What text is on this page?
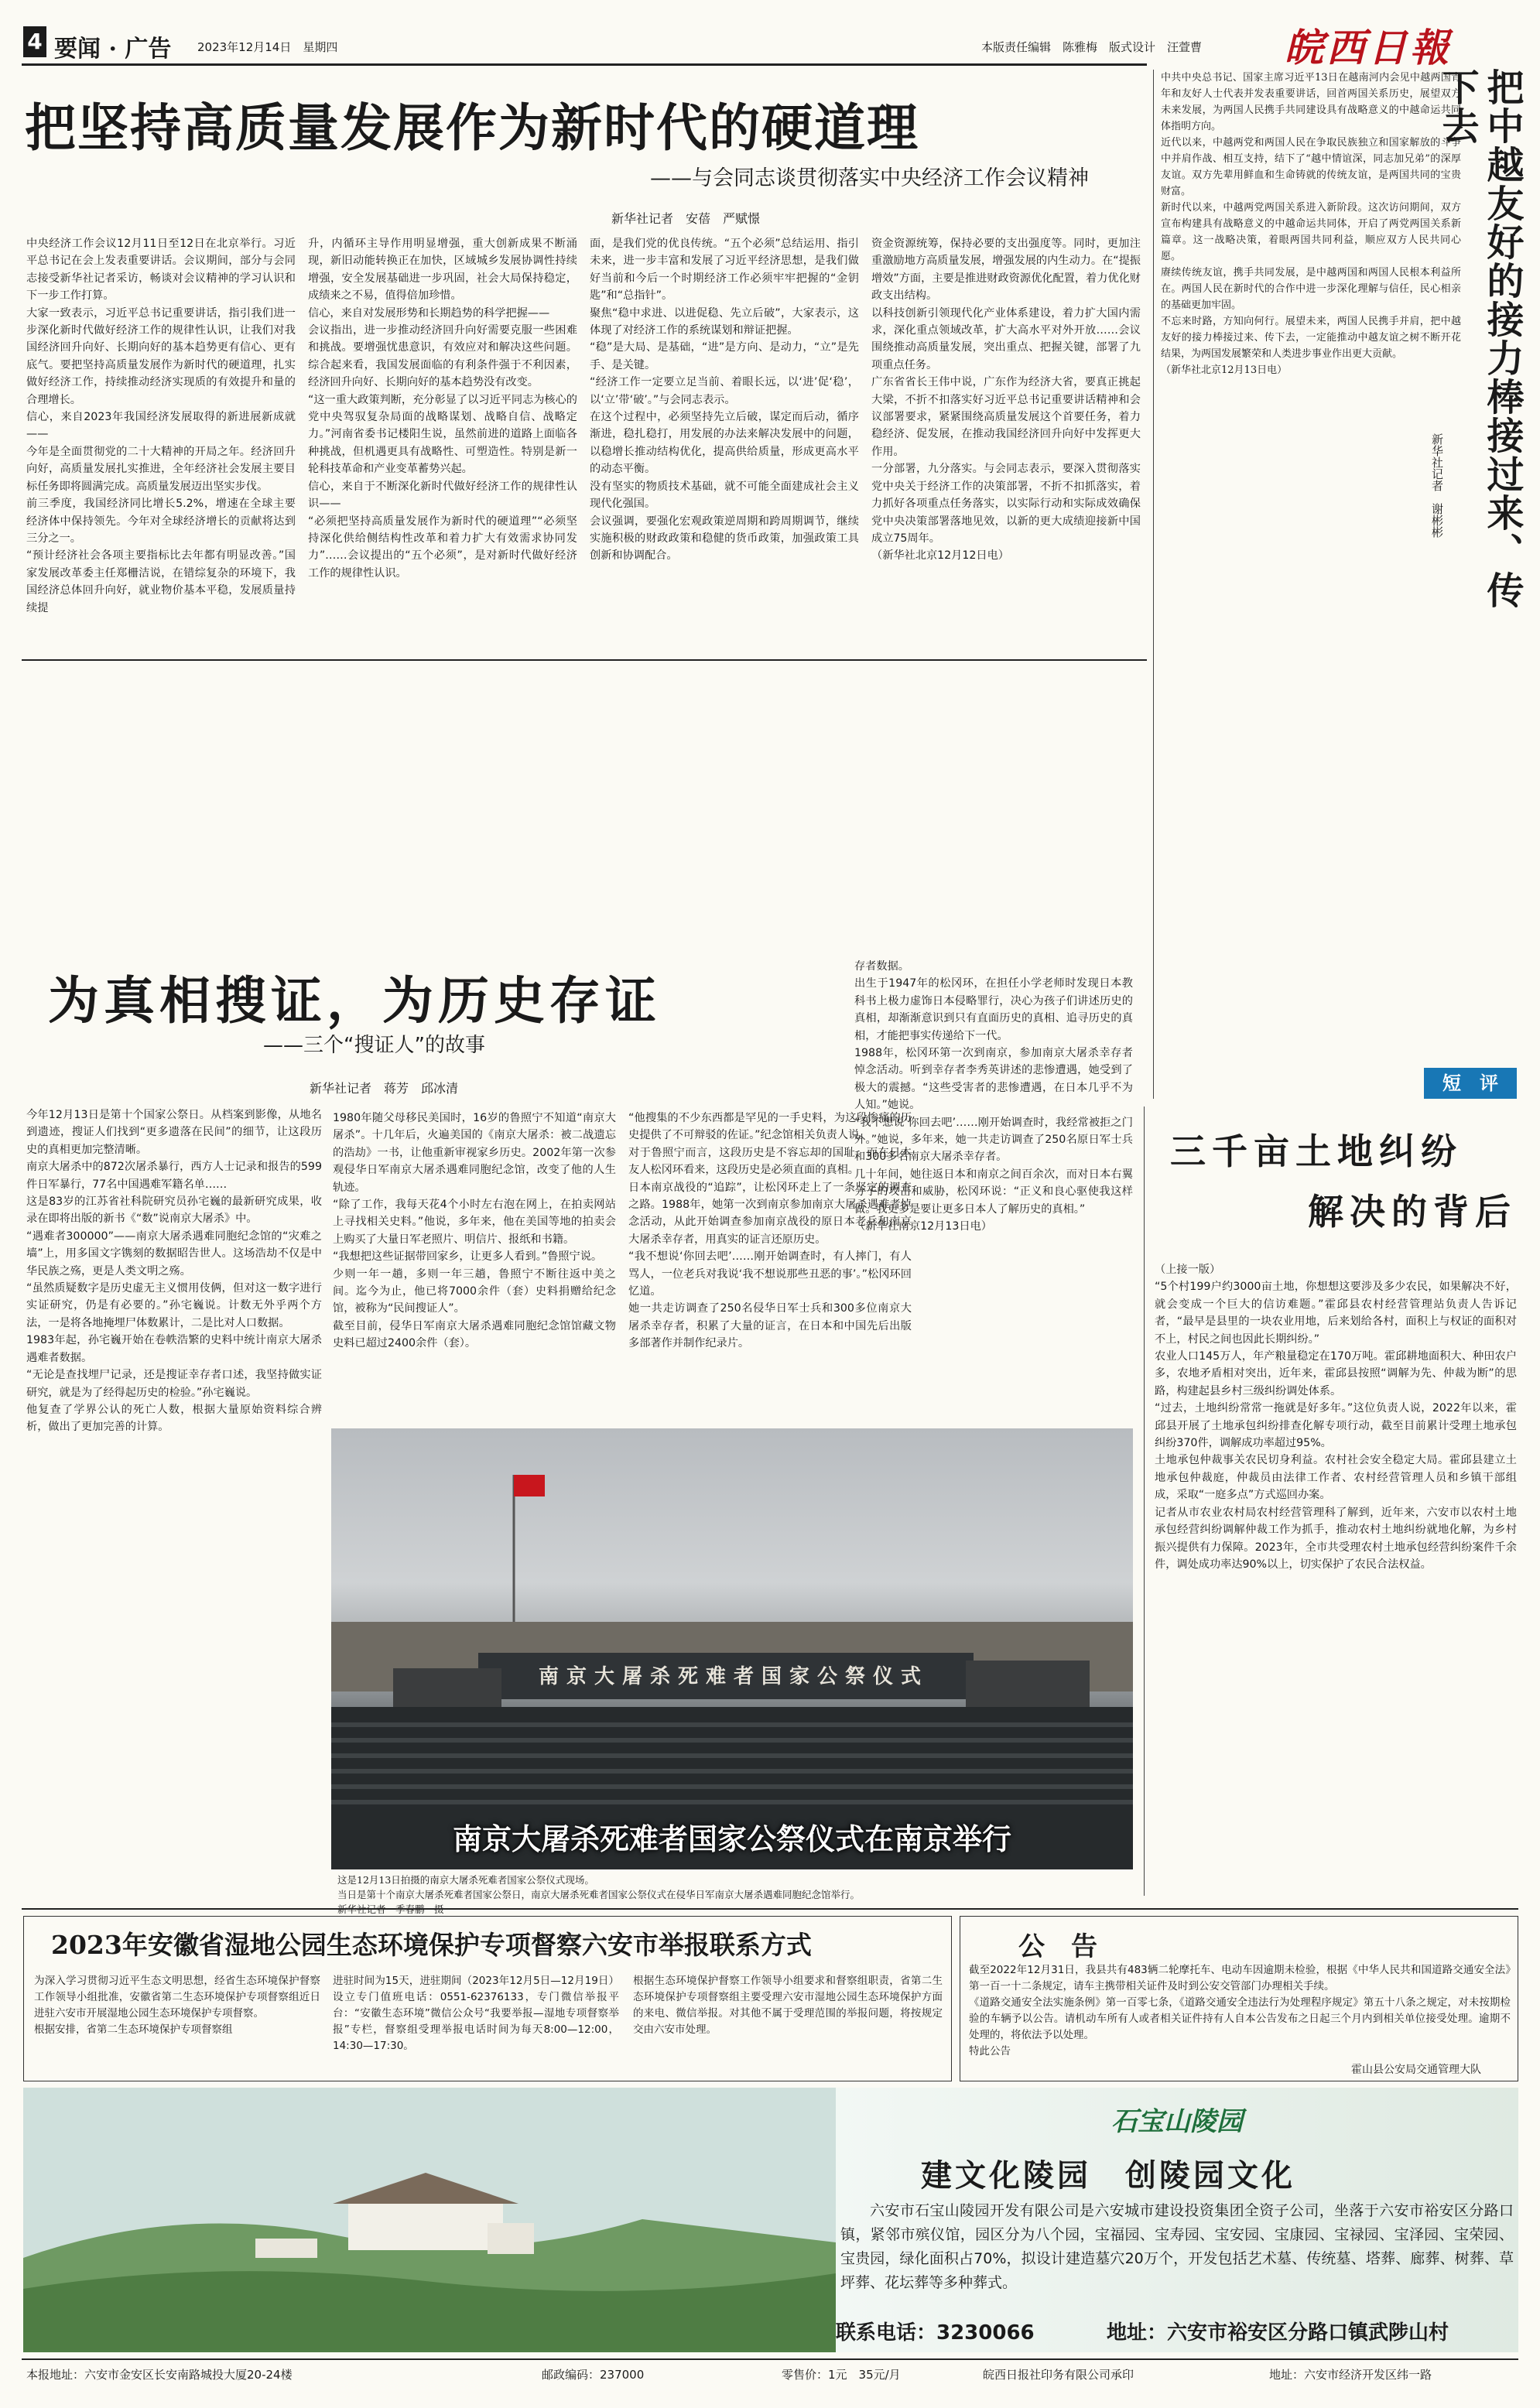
4 要闻 · 广告 2023年12月14日　星期四	本版责任编辑　陈雅梅　版式设计　汪萱曹 皖西日報
把坚持高质量发展作为新时代的硬道理
——与会同志谈贯彻落实中央经济工作会议精神
新华社记者　安蓓　严赋憬
中央经济工作会议12月11日至12日在北京举行。习近平总书记在会上发表重要讲话。会议期间，部分与会同志接受新华社记者采访，畅谈对会议精神的学习认识和下一步工作打算。
大家一致表示，习近平总书记重要讲话，指引我们进一步深化新时代做好经济工作的规律性认识，让我们对我国经济回升向好、长期向好的基本趋势更有信心、更有底气。要把坚持高质量发展作为新时代的硬道理，扎实做好经济工作，持续推动经济实现质的有效提升和量的合理增长。
信心，来自2023年我国经济发展取得的新进展新成就——
今年是全面贯彻党的二十大精神的开局之年。经济回升向好，高质量发展扎实推进，全年经济社会发展主要目标任务即将圆满完成。高质量发展迈出坚实步伐。
前三季度，我国经济同比增长5.2%，增速在全球主要经济体中保持领先。今年对全球经济增长的贡献将达到三分之一。
“预计经济社会各项主要指标比去年都有明显改善。”国家发展改革委主任郑栅洁说，在错综复杂的环境下，我国经济总体回升向好，就业物价基本平稳，发展质量持续提
升，内循环主导作用明显增强，重大创新成果不断涌现，新旧动能转换正在加快，区域城乡发展协调性持续增强，安全发展基础进一步巩固，社会大局保持稳定，成绩来之不易，值得倍加珍惜。
信心，来自对发展形势和长期趋势的科学把握——
会议指出，进一步推动经济回升向好需要克服一些困难和挑战。要增强忧患意识，有效应对和解决这些问题。综合起来看，我国发展面临的有利条件强于不利因素，经济回升向好、长期向好的基本趋势没有改变。
“这一重大政策判断，充分彰显了以习近平同志为核心的党中央驾驭复杂局面的战略谋划、战略自信、战略定力。”河南省委书记楼阳生说，虽然前进的道路上面临各种挑战，但机遇更具有战略性、可塑造性。特别是新一轮科技革命和产业变革蓄势兴起。
信心，来自于不断深化新时代做好经济工作的规律性认识——
“必须把坚持高质量发展作为新时代的硬道理”“必须坚持深化供给侧结构性改革和着力扩大有效需求协同发力”……会议提出的“五个必须”，是对新时代做好经济工作的规律性认识。
面，是我们党的优良传统。“五个必须”总结运用、指引未来，进一步丰富和发展了习近平经济思想，是我们做好当前和今后一个时期经济工作必须牢牢把握的“金钥匙”和“总指针”。
聚焦“稳中求进、以进促稳、先立后破”，大家表示，这体现了对经济工作的系统谋划和辩证把握。
“稳”是大局、是基础，“进”是方向、是动力，“立”是先手、是关键。
“经济工作一定要立足当前、着眼长远，以‘进’促‘稳’，以‘立’带‘破’。”与会同志表示。
在这个过程中，必须坚持先立后破，谋定而后动，循序渐进，稳扎稳打，用发展的办法来解决发展中的问题，以稳增长推动结构优化，提高供给质量，形成更高水平的动态平衡。
没有坚实的物质技术基础，就不可能全面建成社会主义现代化强国。
会议强调，要强化宏观政策逆周期和跨周期调节，继续实施积极的财政政策和稳健的货币政策，加强政策工具创新和协调配合。
资金资源统筹，保持必要的支出强度等。同时，更加注重激励地方高质量发展，增强发展的内生动力。在“提振增效”方面，主要是推进财政资源优化配置，着力优化财政支出结构。
以科技创新引领现代化产业体系建设，着力扩大国内需求，深化重点领域改革，扩大高水平对外开放……会议围绕推动高质量发展，突出重点、把握关键，部署了九项重点任务。
广东省省长王伟中说，广东作为经济大省，要真正挑起大梁，不折不扣落实好习近平总书记重要讲话精神和会议部署要求，紧紧围绕高质量发展这个首要任务，着力稳经济、促发展，在推动我国经济回升向好中发挥更大作用。
一分部署，九分落实。与会同志表示，要深入贯彻落实党中央关于经济工作的决策部署，不折不扣抓落实，着力抓好各项重点任务落实，以实际行动和实际成效确保党中央决策部署落地见效，以新的更大成绩迎接新中国成立75周年。
（新华社北京12月12日电）
中共中央总书记、国家主席习近平13日在越南河内会见中越两国青年和友好人士代表并发表重要讲话，回首两国关系历史，展望双方未来发展，为两国人民携手共同建设具有战略意义的中越命运共同体指明方向。
近代以来，中越两党和两国人民在争取民族独立和国家解放的斗争中并肩作战、相互支持，结下了“越中情谊深，同志加兄弟”的深厚友谊。双方先辈用鲜血和生命铸就的传统友谊，是两国共同的宝贵财富。
新时代以来，中越两党两国关系进入新阶段。这次访问期间，双方宣布构建具有战略意义的中越命运共同体，开启了两党两国关系新篇章。这一战略决策，着眼两国共同利益，顺应双方人民共同心愿。
赓续传统友谊，携手共同发展，是中越两国和两国人民根本利益所在。两国人民在新时代的合作中进一步深化理解与信任，民心相亲的基础更加牢固。
不忘来时路，方知向何行。展望未来，两国人民携手并肩，把中越友好的接力棒接过来、传下去，一定能推动中越友谊之树不断开花结果，为两国发展繁荣和人类进步事业作出更大贡献。
（新华社北京12月13日电）	把中越友好的接力棒接过来、传下去
新华社记者　谢彬彬
短　评
为真相搜证，为历史存证
——三个“搜证人”的故事
新华社记者　蒋芳　邱冰清
今年12月13日是第十个国家公祭日。从档案到影像，从地名到遗迹，搜证人们找到“更多遗落在民间”的细节，让这段历史的真相更加完整清晰。
南京大屠杀中的872次屠杀暴行，西方人士记录和报告的599件日军暴行，77名中国遇难军籍名单……
这是83岁的江苏省社科院研究员孙宅巍的最新研究成果，收录在即将出版的新书《“数”说南京大屠杀》中。
“遇难者300000”——南京大屠杀遇难同胞纪念馆的“灾难之墙”上，用多国文字镌刻的数据昭告世人。这场浩劫不仅是中华民族之殇，更是人类文明之殇。
“虽然质疑数字是历史虚无主义惯用伎俩，但对这一数字进行实证研究，仍是有必要的。”孙宅巍说。计数无外乎两个方法，一是将各地掩埋尸体数累计，二是比对人口数据。
1983年起，孙宅巍开始在卷帙浩繁的史料中统计南京大屠杀遇难者数据。
“无论是查找埋尸记录，还是搜证幸存者口述，我坚持做实证研究，就是为了经得起历史的检验。”孙宅巍说。
他复查了学界公认的死亡人数，根据大量原始资料综合辨析，做出了更加完善的计算。
1980年随父母移民美国时，16岁的鲁照宁不知道“南京大屠杀”。十几年后，火遍美国的《南京大屠杀：被二战遗忘的浩劫》一书，让他重新审视家乡历史。2002年第一次参观侵华日军南京大屠杀遇难同胞纪念馆，改变了他的人生轨迹。
“除了工作，我每天花4个小时左右泡在网上，在拍卖网站上寻找相关史料。”他说，多年来，他在美国等地的拍卖会上购买了大量日军老照片、明信片、报纸和书籍。
“我想把这些证据带回家乡，让更多人看到。”鲁照宁说。
少则一年一趟，多则一年三趟，鲁照宁不断往返中美之间。迄今为止，他已将7000余件（套）史料捐赠给纪念馆，被称为“民间搜证人”。
截至目前，侵华日军南京大屠杀遇难同胞纪念馆馆藏文物史料已超过2400余件（套）。
“他搜集的不少东西都是罕见的一手史料，为这段惨痛的历史提供了不可辩驳的佐证。”纪念馆相关负责人说。
对于鲁照宁而言，这段历史是不容忘却的国耻，而在日本友人松冈环看来，这段历史是必须直面的真相。
日本南京战役的“追踪”，让松冈环走上了一条坚定的调查之路。1988年，她第一次到南京参加南京大屠杀遇难者悼念活动，从此开始调查参加南京战役的原日本老兵和南京大屠杀幸存者，用真实的证言还原历史。
“我不想说‘你回去吧’……刚开始调查时，有人摔门，有人骂人，一位老兵对我说‘我不想说那些丑恶的事’。”松冈环回忆道。
她一共走访调查了250名侵华日军士兵和300多位南京大屠杀幸存者，积累了大量的证言，在日本和中国先后出版多部著作并制作纪录片。
存者数据。
出生于1947年的松冈环，在担任小学老师时发现日本教科书上极力虚饰日本侵略罪行，决心为孩子们讲述历史的真相，却渐渐意识到只有直面历史的真相、追寻历史的真相，才能把事实传递给下一代。
1988年，松冈环第一次到南京，参加南京大屠杀幸存者悼念活动。听到幸存者李秀英讲述的悲惨遭遇，她受到了极大的震撼。“这些受害者的悲惨遭遇，在日本几乎不为人知。”她说。
“我不想说‘你回去吧’……刚开始调查时，我经常被拒之门外。”她说，多年来，她一共走访调查了250名原日军士兵和300多名南京大屠杀幸存者。
几十年间，她往返日本和南京之间百余次，而对日本右翼分子的攻击和威胁，松冈环说：“正义和良心驱使我这样做。我更多是要让更多日本人了解历史的真相。”
（新华社南京12月13日电）
南京大屠杀死难者国家公祭仪式
南京大屠杀死难者国家公祭仪式在南京举行
这是12月13日拍摄的南京大屠杀死难者国家公祭仪式现场。
当日是第十个南京大屠杀死难者国家公祭日，南京大屠杀死难者国家公祭仪式在侵华日军南京大屠杀遇难同胞纪念馆举行。
新华社记者　季春鹏　摄
三千亩土地纠纷
解决的背后
（上接一版）
“5个村199户约3000亩土地，你想想这要涉及多少农民，如果解决不好，就会变成一个巨大的信访难题。”霍邱县农村经营管理站负责人告诉记者，“最早是县里的一块农业用地，后来划给各村，面积上与权证的面积对不上，村民之间也因此长期纠纷。”
农业人口145万人，年产粮量稳定在170万吨。霍邱耕地面积大、种田农户多，农地矛盾相对突出，近年来，霍邱县按照“调解为先、仲裁为断”的思路，构建起县乡村三级纠纷调处体系。
“过去，土地纠纷常常一拖就是好多年。”这位负责人说，2022年以来，霍邱县开展了土地承包纠纷排查化解专项行动，截至目前累计受理土地承包纠纷370件，调解成功率超过95%。
土地承包仲裁事关农民切身利益。农村社会安全稳定大局。霍邱县建立土地承包仲裁庭，仲裁员由法律工作者、农村经营管理人员和乡镇干部组成，采取“一庭多点”方式巡回办案。
记者从市农业农村局农村经营管理科了解到，近年来，六安市以农村土地承包经营纠纷调解仲裁工作为抓手，推动农村土地纠纷就地化解，为乡村振兴提供有力保障。2023年，全市共受理农村土地承包经营纠纷案件千余件，调处成功率达90%以上，切实保护了农民合法权益。
2023年安徽省湿地公园生态环境保护专项督察六安市举报联系方式
为深入学习贯彻习近平生态文明思想，经省生态环境保护督察工作领导小组批准，安徽省第二生态环境保护专项督察组近日进驻六安市开展湿地公园生态环境保护专项督察。
根据安排，省第二生态环境保护专项督察组
进驻时间为15天，进驻期间（2023年12月5日—12月19日）设立专门值班电话：0551-62376133，专门微信举报平台：“安徽生态环境”微信公众号“我要举报—湿地专项督察举报”专栏，督察组受理举报电话时间为每天8:00—12:00，14:30—17:30。
根据生态环境保护督察工作领导小组要求和督察组职责，省第二生态环境保护专项督察组主要受理六安市湿地公园生态环境保护方面的来电、微信举报。对其他不属于受理范围的举报问题，将按规定交由六安市处理。
公　告
截至2022年12月31日，我县共有483辆二轮摩托车、电动车因逾期未检验，根据《中华人民共和国道路交通安全法》第一百一十二条规定，请车主携带相关证件及时到公安交管部门办理相关手续。
《道路交通安全法实施条例》第一百零七条，《道路交通安全违法行为处理程序规定》第五十八条之规定，对未按期检验的车辆予以公告。请机动车所有人或者相关证件持有人自本公告发布之日起三个月内到相关单位接受处理。逾期不处理的，将依法予以处理。
特此公告
霍山县公安局交通管理大队
石宝山陵园
建文化陵园　创陵园文化
六安市石宝山陵园开发有限公司是六安城市建设投资集团全资子公司，坐落于六安市裕安区分路口镇，紧邻市殡仪馆，园区分为八个园，宝福园、宝寿园、宝安园、宝康园、宝禄园、宝泽园、宝荣园、宝贵园，绿化面积占70%，拟设计建造墓穴20万个，开发包括艺术墓、传统墓、塔葬、廊葬、树葬、草坪葬、花坛葬等多种葬式。
联系电话：3230066	地址：六安市裕安区分路口镇武陟山村
本报地址：六安市金安区长安南路城投大厦20-24楼	邮政编码：237000	零售价：1元　35元/月	皖西日报社印务有限公司承印	地址：六安市经济开发区纬一路
